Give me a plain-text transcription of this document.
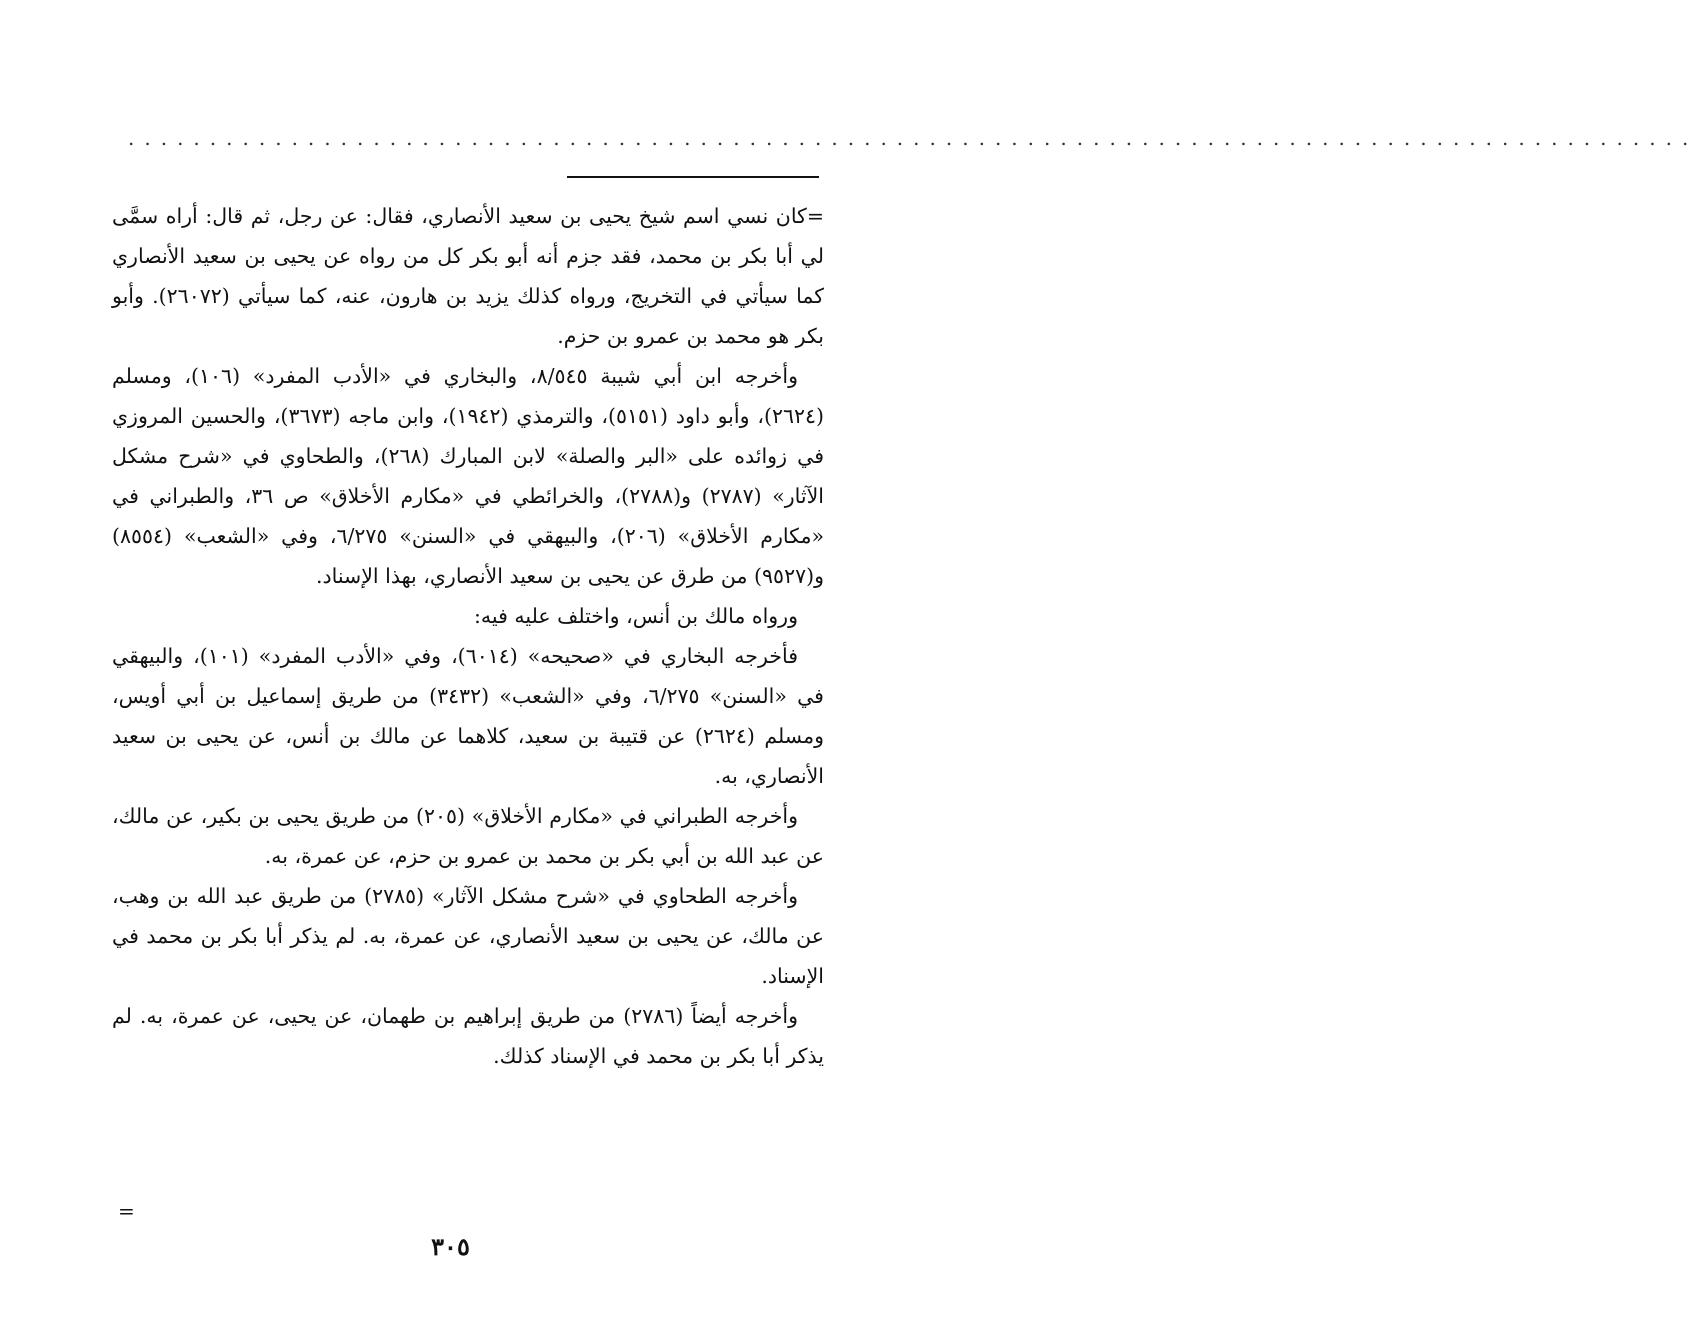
................................................................................................

=كان نسي اسم شيخ يحيى بن سعيد الأنصاري، فقال: عن رجل، ثم قال: أراه سمَّى لي أبا بكر بن محمد، فقد جزم أنه أبو بكر كل من رواه عن يحيى بن سعيد الأنصاري كما سيأتي في التخريج، ورواه كذلك يزيد بن هارون، عنه، كما سيأتي (٢٦٠٧٢). وأبو بكر هو محمد بن عمرو بن حزم.

وأخرجه ابن أبي شيبة ٨/٥٤٥، والبخاري في «الأدب المفرد» (١٠٦)، ومسلم (٢٦٢٤)، وأبو داود (٥١٥١)، والترمذي (١٩٤٢)، وابن ماجه (٣٦٧٣)، والحسين المروزي في زوائده على «البر والصلة» لابن المبارك (٢٦٨)، والطحاوي في «شرح مشكل الآثار» (٢٧٨٧) و(٢٧٨٨)، والخرائطي في «مكارم الأخلاق» ص ٣٦، والطبراني في «مكارم الأخلاق» (٢٠٦)، والبيهقي في «السنن» ٦/٢٧٥، وفي «الشعب» (٨٥٥٤) و(٩٥٢٧) من طرق عن يحيى بن سعيد الأنصاري، بهذا الإسناد.

ورواه مالك بن أنس، واختلف عليه فيه:

فأخرجه البخاري في «صحيحه» (٦٠١٤)، وفي «الأدب المفرد» (١٠١)، والبيهقي في «السنن» ٦/٢٧٥، وفي «الشعب» (٣٤٣٢) من طريق إسماعيل بن أبي أويس، ومسلم (٢٦٢٤) عن قتيبة بن سعيد، كلاهما عن مالك بن أنس، عن يحيى بن سعيد الأنصاري، به.

وأخرجه الطبراني في «مكارم الأخلاق» (٢٠٥) من طريق يحيى بن بكير، عن مالك، عن عبد الله بن أبي بكر بن محمد بن عمرو بن حزم، عن عمرة، به.

وأخرجه الطحاوي في «شرح مشكل الآثار» (٢٧٨٥) من طريق عبد الله بن وهب، عن مالك، عن يحيى بن سعيد الأنصاري، عن عمرة، به. لم يذكر أبا بكر بن محمد في الإسناد.

وأخرجه أيضاً (٢٧٨٦) من طريق إبراهيم بن طهمان، عن يحيى، عن عمرة، به. لم يذكر أبا بكر بن محمد في الإسناد كذلك.

=
٣٠٥
